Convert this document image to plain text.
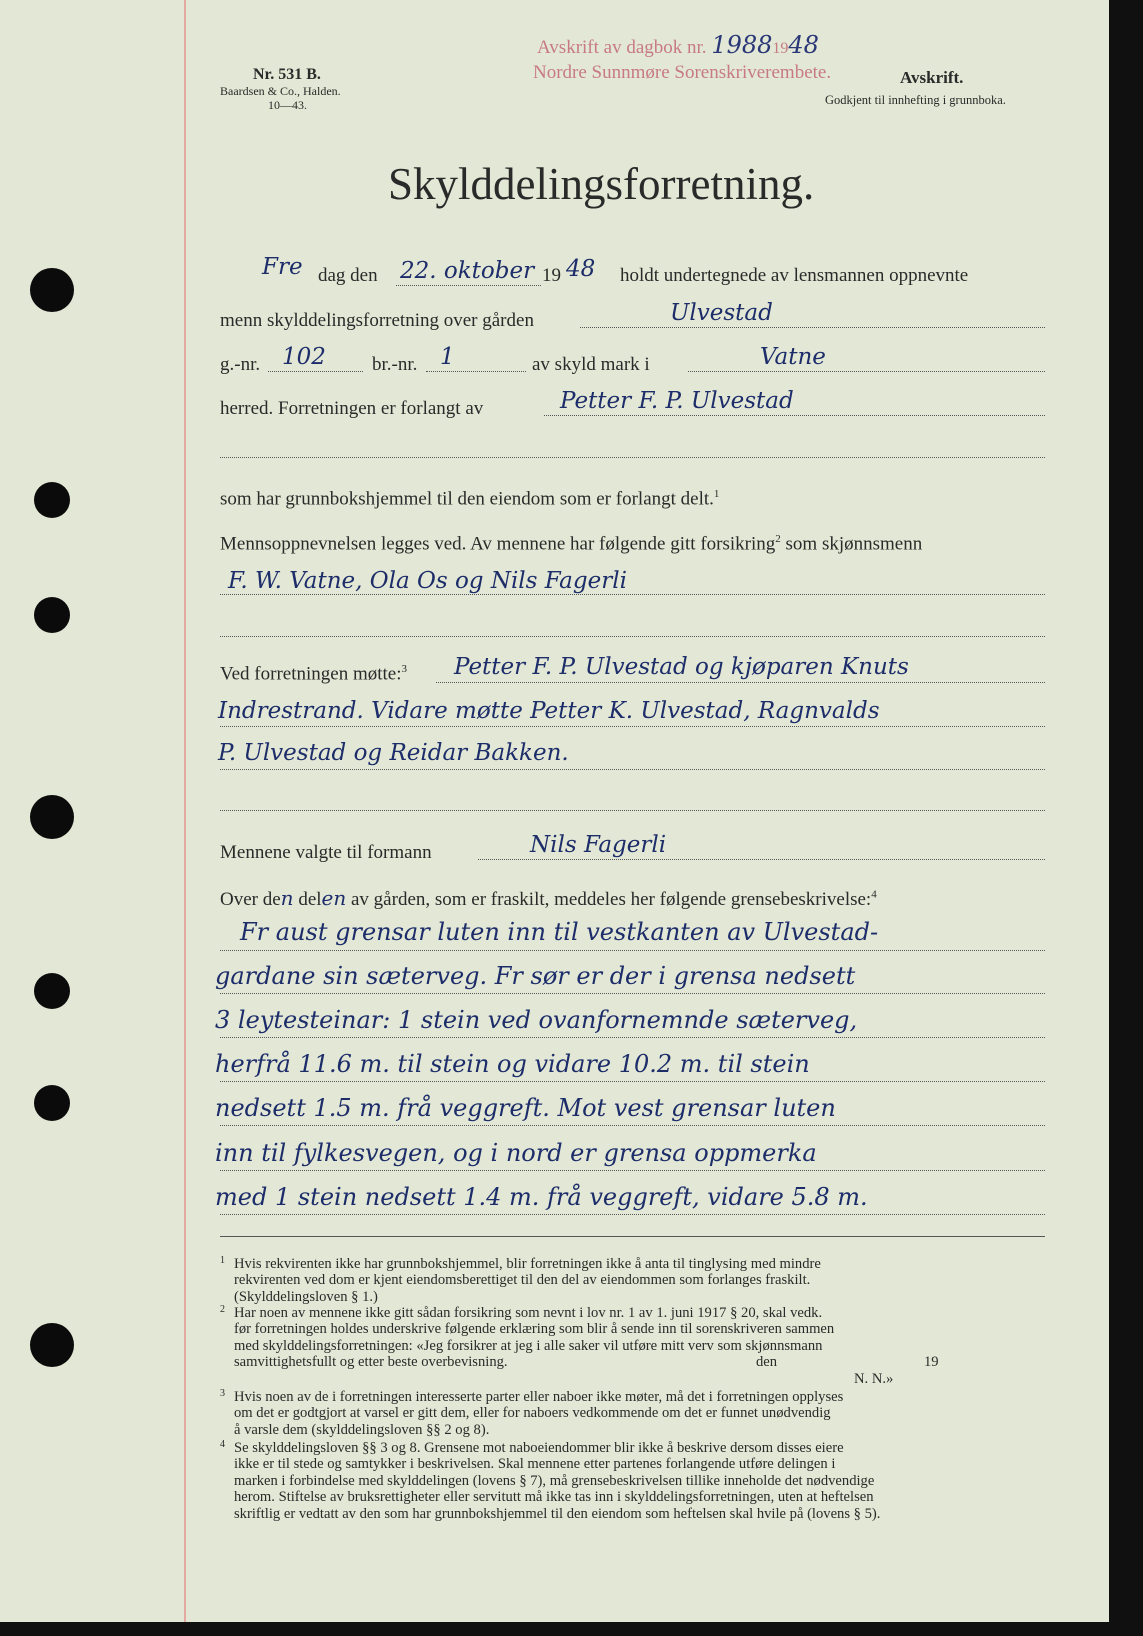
Nr. 531 B.
Baardsen & Co., Halden.
10—43.
Avskrift av dagbok nr. 19881948
Nordre Sunnmøre Sorenskriverembete.	Avskrift.
Godkjent til innhefting i grunnboka.
Skylddelingsforretning.
Fre dag den 22. oktober 19 48 holdt undertegnede av lensmannen oppnevnte
menn skylddelingsforretning over gården	Ulvestad
g.-nr. 102 br.-nr. 1	av skyld mark i	Vatne
herred. Forretningen er forlangt av	Petter F. P. Ulvestad
som har grunnbokshjemmel til den eiendom som er forlangt delt.$^1$
Mennsoppnevnelsen legges ved. Av mennene har følgende gitt forsikring$^2$ som skjønnsmenn
F. W. Vatne, Ola Os og Nils Fagerli
Ved forretningen møtte:$^3$ Petter F. P. Ulvestad og kjøparen Knuts
Indrestrand. Vidare møtte Petter K. Ulvestad, Ragnvalds
P. Ulvestad og Reidar Bakken.
Mennene valgte til formann	Nils Fagerli
Over den delen av gården, som er fraskilt, meddeles her følgende grensebeskrivelse:$^4$
Fr aust grensar luten inn til vestkanten av Ulvestad-
gardane sin sæterveg. Fr sør er der i grensa nedsett
3 leytesteinar: 1 stein ved ovanfornemnde sæterveg,
herfrå 11.6 m. til stein og vidare 10.2 m. til stein
nedsett 1.5 m. frå veggreft. Mot vest grensar luten
inn til fylkesvegen, og i nord er grensa oppmerka
med 1 stein nedsett 1.4 m. frå veggreft, vidare 5.8 m.
1 Hvis rekvirenten ikke har grunnbokshjemmel, blir forretningen ikke å anta til tinglysing med mindre
rekvirenten ved dom er kjent eiendomsberettiget til den del av eiendommen som forlanges fraskilt.
(Skylddelingsloven § 1.)
2 Har noen av mennene ikke gitt sådan forsikring som nevnt i lov nr. 1 av 1. juni 1917 § 20, skal vedk.
før forretningen holdes underskrive følgende erklæring som blir å sende inn til sorenskriveren sammen
med skylddelingsforretningen: «Jeg forsikrer at jeg i alle saker vil utføre mitt verv som skjønnsmann
samvittighetsfullt og etter beste overbevisning.	den	19
N. N.»
3 Hvis noen av de i forretningen interesserte parter eller naboer ikke møter, må det i forretningen opplyses
om det er godtgjort at varsel er gitt dem, eller for naboers vedkommende om det er funnet unødvendig
å varsle dem (skylddelingsloven §§ 2 og 8).
4 Se skylddelingsloven §§ 3 og 8. Grensene mot naboeiendommer blir ikke å beskrive dersom disses eiere
ikke er til stede og samtykker i beskrivelsen. Skal mennene etter partenes forlangende utføre delingen i
marken i forbindelse med skylddelingen (lovens § 7), må grensebeskrivelsen tillike inneholde det nødvendige
herom. Stiftelse av bruksrettigheter eller servitutt må ikke tas inn i skylddelingsforretningen, uten at heftelsen
skriftlig er vedtatt av den som har grunnbokshjemmel til den eiendom som heftelsen skal hvile på (lovens § 5).
